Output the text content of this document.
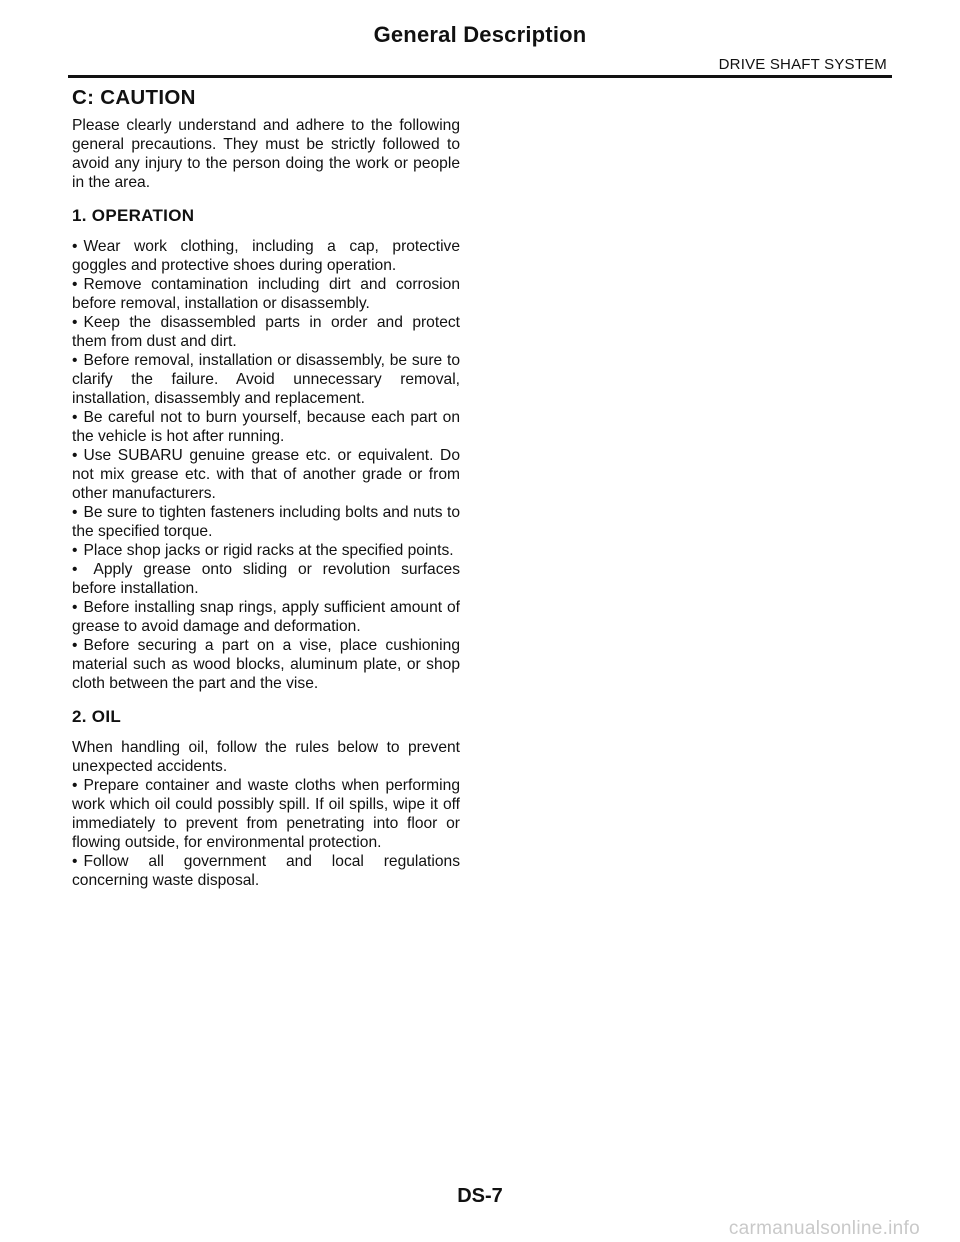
General Description
DRIVE SHAFT SYSTEM
C: CAUTION

Please clearly understand and adhere to the following general precautions. They must be strictly followed to avoid any injury to the person doing the work or people in the area.

1. OPERATION
• Wear work clothing, including a cap, protective goggles and protective shoes during operation.
• Remove contamination including dirt and corrosion before removal, installation or disassembly.
• Keep the disassembled parts in order and protect them from dust and dirt.
• Before removal, installation or disassembly, be sure to clarify the failure. Avoid unnecessary removal, installation, disassembly and replacement.
• Be careful not to burn yourself, because each part on the vehicle is hot after running.
• Use SUBARU genuine grease etc. or equivalent. Do not mix grease etc. with that of another grade or from other manufacturers.
• Be sure to tighten fasteners including bolts and nuts to the specified torque.
• Place shop jacks or rigid racks at the specified points.
• Apply grease onto sliding or revolution surfaces before installation.
• Before installing snap rings, apply sufficient amount of grease to avoid damage and deformation.
• Before securing a part on a vise, place cushioning material such as wood blocks, aluminum plate, or shop cloth between the part and the vise.
2. OIL

When handling oil, follow the rules below to prevent unexpected accidents.

• Prepare container and waste cloths when performing work which oil could possibly spill. If oil spills, wipe it off immediately to prevent from penetrating into floor or flowing outside, for environmental protection.
• Follow all government and local regulations concerning waste disposal.
DS-7
carmanualsonline.info
